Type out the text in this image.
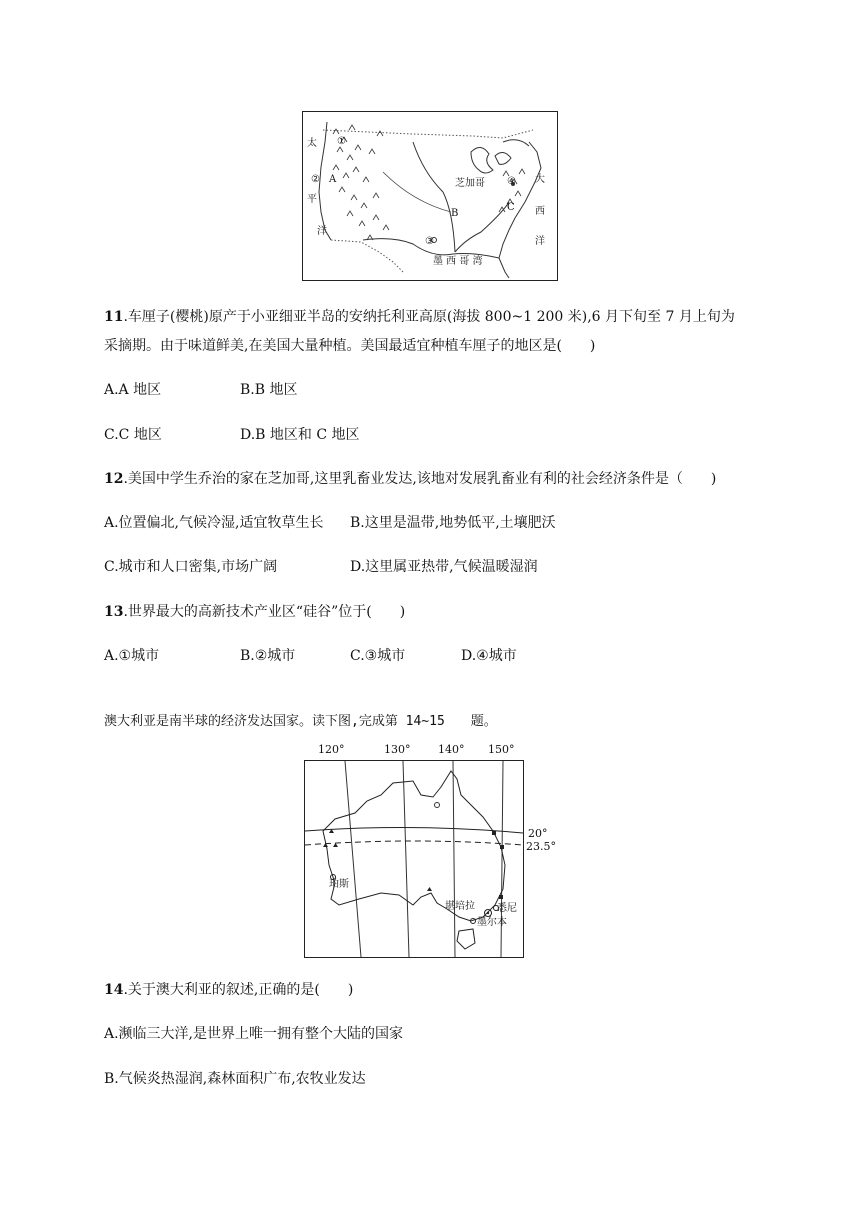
①
太
② A
平
洋
芝加哥
B
C
④ 大
西
洋
③
墨 西 哥 湾
11.车厘子(樱桃)原产于小亚细亚半岛的安纳托利亚高原(海拔 800~1 200 米),6 月下旬至 7 月上旬为
采摘期。由于味道鲜美,在美国大量种植。美国最适宜种植车厘子的地区是(　　)
A.A 地区	B.B 地区
C.C 地区	D.B 地区和 C 地区
12.美国中学生乔治的家在芝加哥,这里乳畜业发达,该地对发展乳畜业有利的社会经济条件是（　　)
A.位置偏北,气候冷湿,适宜牧草生长 B.这里是温带,地势低平,土壤肥沃
C.城市和人口密集,市场广阔	D.这里属亚热带,气候温暖湿润
13.世界最大的高新技术产业区“硅谷”位于(　　)
A.①城市	B.②城市	C.③城市	D.④城市
澳大利亚是南半球的经济发达国家。读下图,完成第 14~15　　题。
120°	130°	140° 150°
珀斯
堪培拉 悉尼
墨尔本
20°
23.5°
14.关于澳大利亚的叙述,正确的是(　　)
A.濒临三大洋,是世界上唯一拥有整个大陆的国家
B.气候炎热湿润,森林面积广布,农牧业发达
